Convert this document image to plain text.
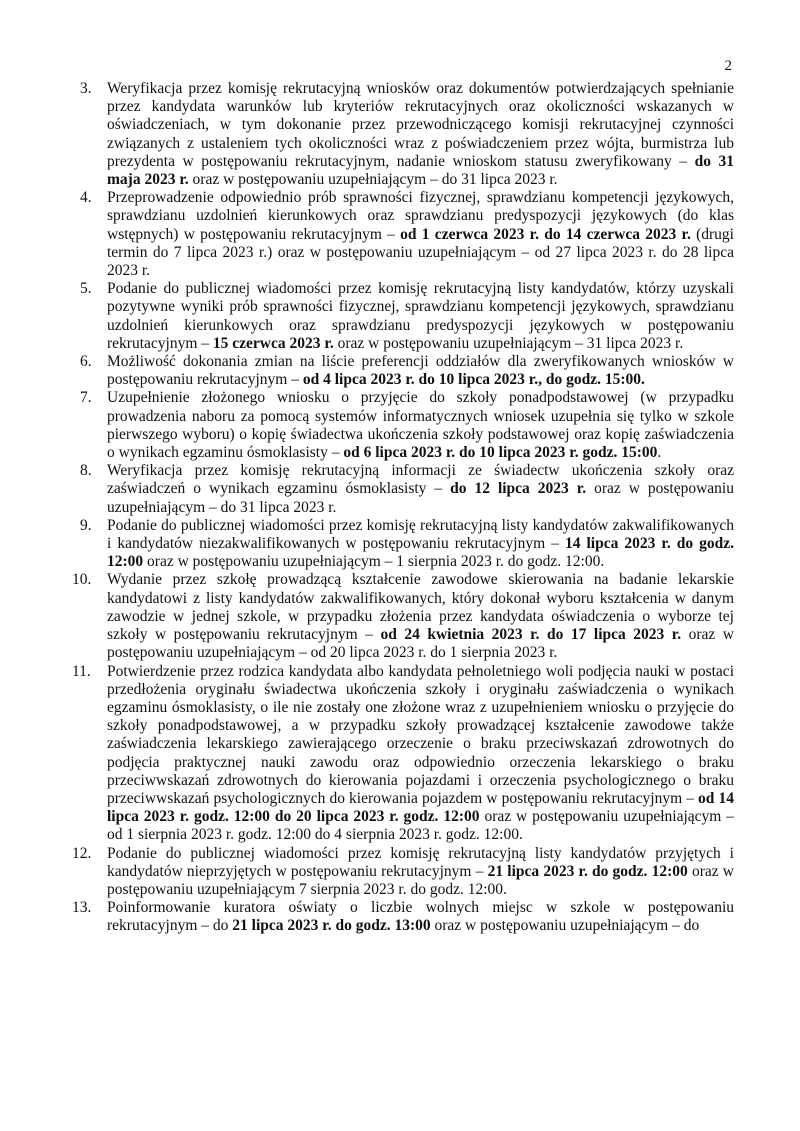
2
3. Weryfikacja przez komisję rekrutacyjną wniosków oraz dokumentów potwierdzających spełnianie przez kandydata warunków lub kryteriów rekrutacyjnych oraz okoliczności wskazanych w oświadczeniach, w tym dokonanie przez przewodniczącego komisji rekrutacyjnej czynności związanych z ustaleniem tych okoliczności wraz z poświadczeniem przez wójta, burmistrza lub prezydenta w postępowaniu rekrutacyjnym, nadanie wnioskom statusu zweryfikowany – do 31 maja 2023 r. oraz w postępowaniu uzupełniającym – do 31 lipca 2023 r.
4. Przeprowadzenie odpowiednio prób sprawności fizycznej, sprawdzianu kompetencji językowych, sprawdzianu uzdolnień kierunkowych oraz sprawdzianu predyspozycji językowych (do klas wstępnych) w postępowaniu rekrutacyjnym – od 1 czerwca 2023 r. do 14 czerwca 2023 r. (drugi termin do 7 lipca 2023 r.) oraz w postępowaniu uzupełniającym – od 27 lipca 2023 r. do 28 lipca 2023 r.
5. Podanie do publicznej wiadomości przez komisję rekrutacyjną listy kandydatów, którzy uzyskali pozytywne wyniki prób sprawności fizycznej, sprawdzianu kompetencji językowych, sprawdzianu uzdolnień kierunkowych oraz sprawdzianu predyspozycji językowych w postępowaniu rekrutacyjnym – 15 czerwca 2023 r. oraz w postępowaniu uzupełniającym – 31 lipca 2023 r.
6. Możliwość dokonania zmian na liście preferencji oddziałów dla zweryfikowanych wniosków w postępowaniu rekrutacyjnym – od 4 lipca 2023 r. do 10 lipca 2023 r., do godz. 15:00.
7. Uzupełnienie złożonego wniosku o przyjęcie do szkoły ponadpodstawowej (w przypadku prowadzenia naboru za pomocą systemów informatycznych wniosek uzupełnia się tylko w szkole pierwszego wyboru) o kopię świadectwa ukończenia szkoły podstawowej oraz kopię zaświadczenia o wynikach egzaminu ósmoklasisty – od 6 lipca 2023 r. do 10 lipca 2023 r. godz. 15:00.
8. Weryfikacja przez komisję rekrutacyjną informacji ze świadectw ukończenia szkoły oraz zaświadczeń o wynikach egzaminu ósmoklasisty – do 12 lipca 2023 r. oraz w postępowaniu uzupełniającym – do 31 lipca 2023 r.
9. Podanie do publicznej wiadomości przez komisję rekrutacyjną listy kandydatów zakwalifikowanych i kandydatów niezakwalifikowanych w postępowaniu rekrutacyjnym – 14 lipca 2023 r. do godz. 12:00 oraz w postępowaniu uzupełniającym – 1 sierpnia 2023 r. do godz. 12:00.
10. Wydanie przez szkołę prowadzącą kształcenie zawodowe skierowania na badanie lekarskie kandydatowi z listy kandydatów zakwalifikowanych, który dokonał wyboru kształcenia w danym zawodzie w jednej szkole, w przypadku złożenia przez kandydata oświadczenia o wyborze tej szkoły w postępowaniu rekrutacyjnym – od 24 kwietnia 2023 r. do 17 lipca 2023 r. oraz w postępowaniu uzupełniającym – od 20 lipca 2023 r. do 1 sierpnia 2023 r.
11.	Potwierdzenie przez rodzica kandydata albo kandydata pełnoletniego woli podjęcia nauki w postaci przedłożenia oryginału świadectwa ukończenia szkoły i oryginału zaświadczenia o wynikach egzaminu ósmoklasisty, o ile nie zostały one złożone wraz z uzupełnieniem wniosku o przyjęcie do szkoły ponadpodstawowej, a w przypadku szkoły prowadzącej kształcenie zawodowe także zaświadczenia lekarskiego zawierającego orzeczenie o braku przeciwskazań zdrowotnych do podjęcia praktycznej nauki zawodu oraz odpowiednio orzeczenia lekarskiego o braku przeciwwskazań zdrowotnych do kierowania pojazdami i orzeczenia psychologicznego o braku przeciwwskazań psychologicznych do kierowania pojazdem w postępowaniu rekrutacyjnym – od 14 lipca 2023 r. godz. 12:00 do 20 lipca 2023 r. godz. 12:00 oraz w postępowaniu uzupełniającym – od 1 sierpnia 2023 r. godz. 12:00 do 4 sierpnia 2023 r. godz. 12:00.
12. Podanie do publicznej wiadomości przez komisję rekrutacyjną listy kandydatów przyjętych i kandydatów nieprzyjętych w postępowaniu rekrutacyjnym – 21 lipca 2023 r. do godz. 12:00 oraz w postępowaniu uzupełniającym 7 sierpnia 2023 r. do godz. 12:00.
13. Poinformowanie kuratora oświaty o liczbie wolnych miejsc w szkole w postępowaniu rekrutacyjnym – do 21 lipca 2023 r. do godz. 13:00 oraz w postępowaniu uzupełniającym – do
